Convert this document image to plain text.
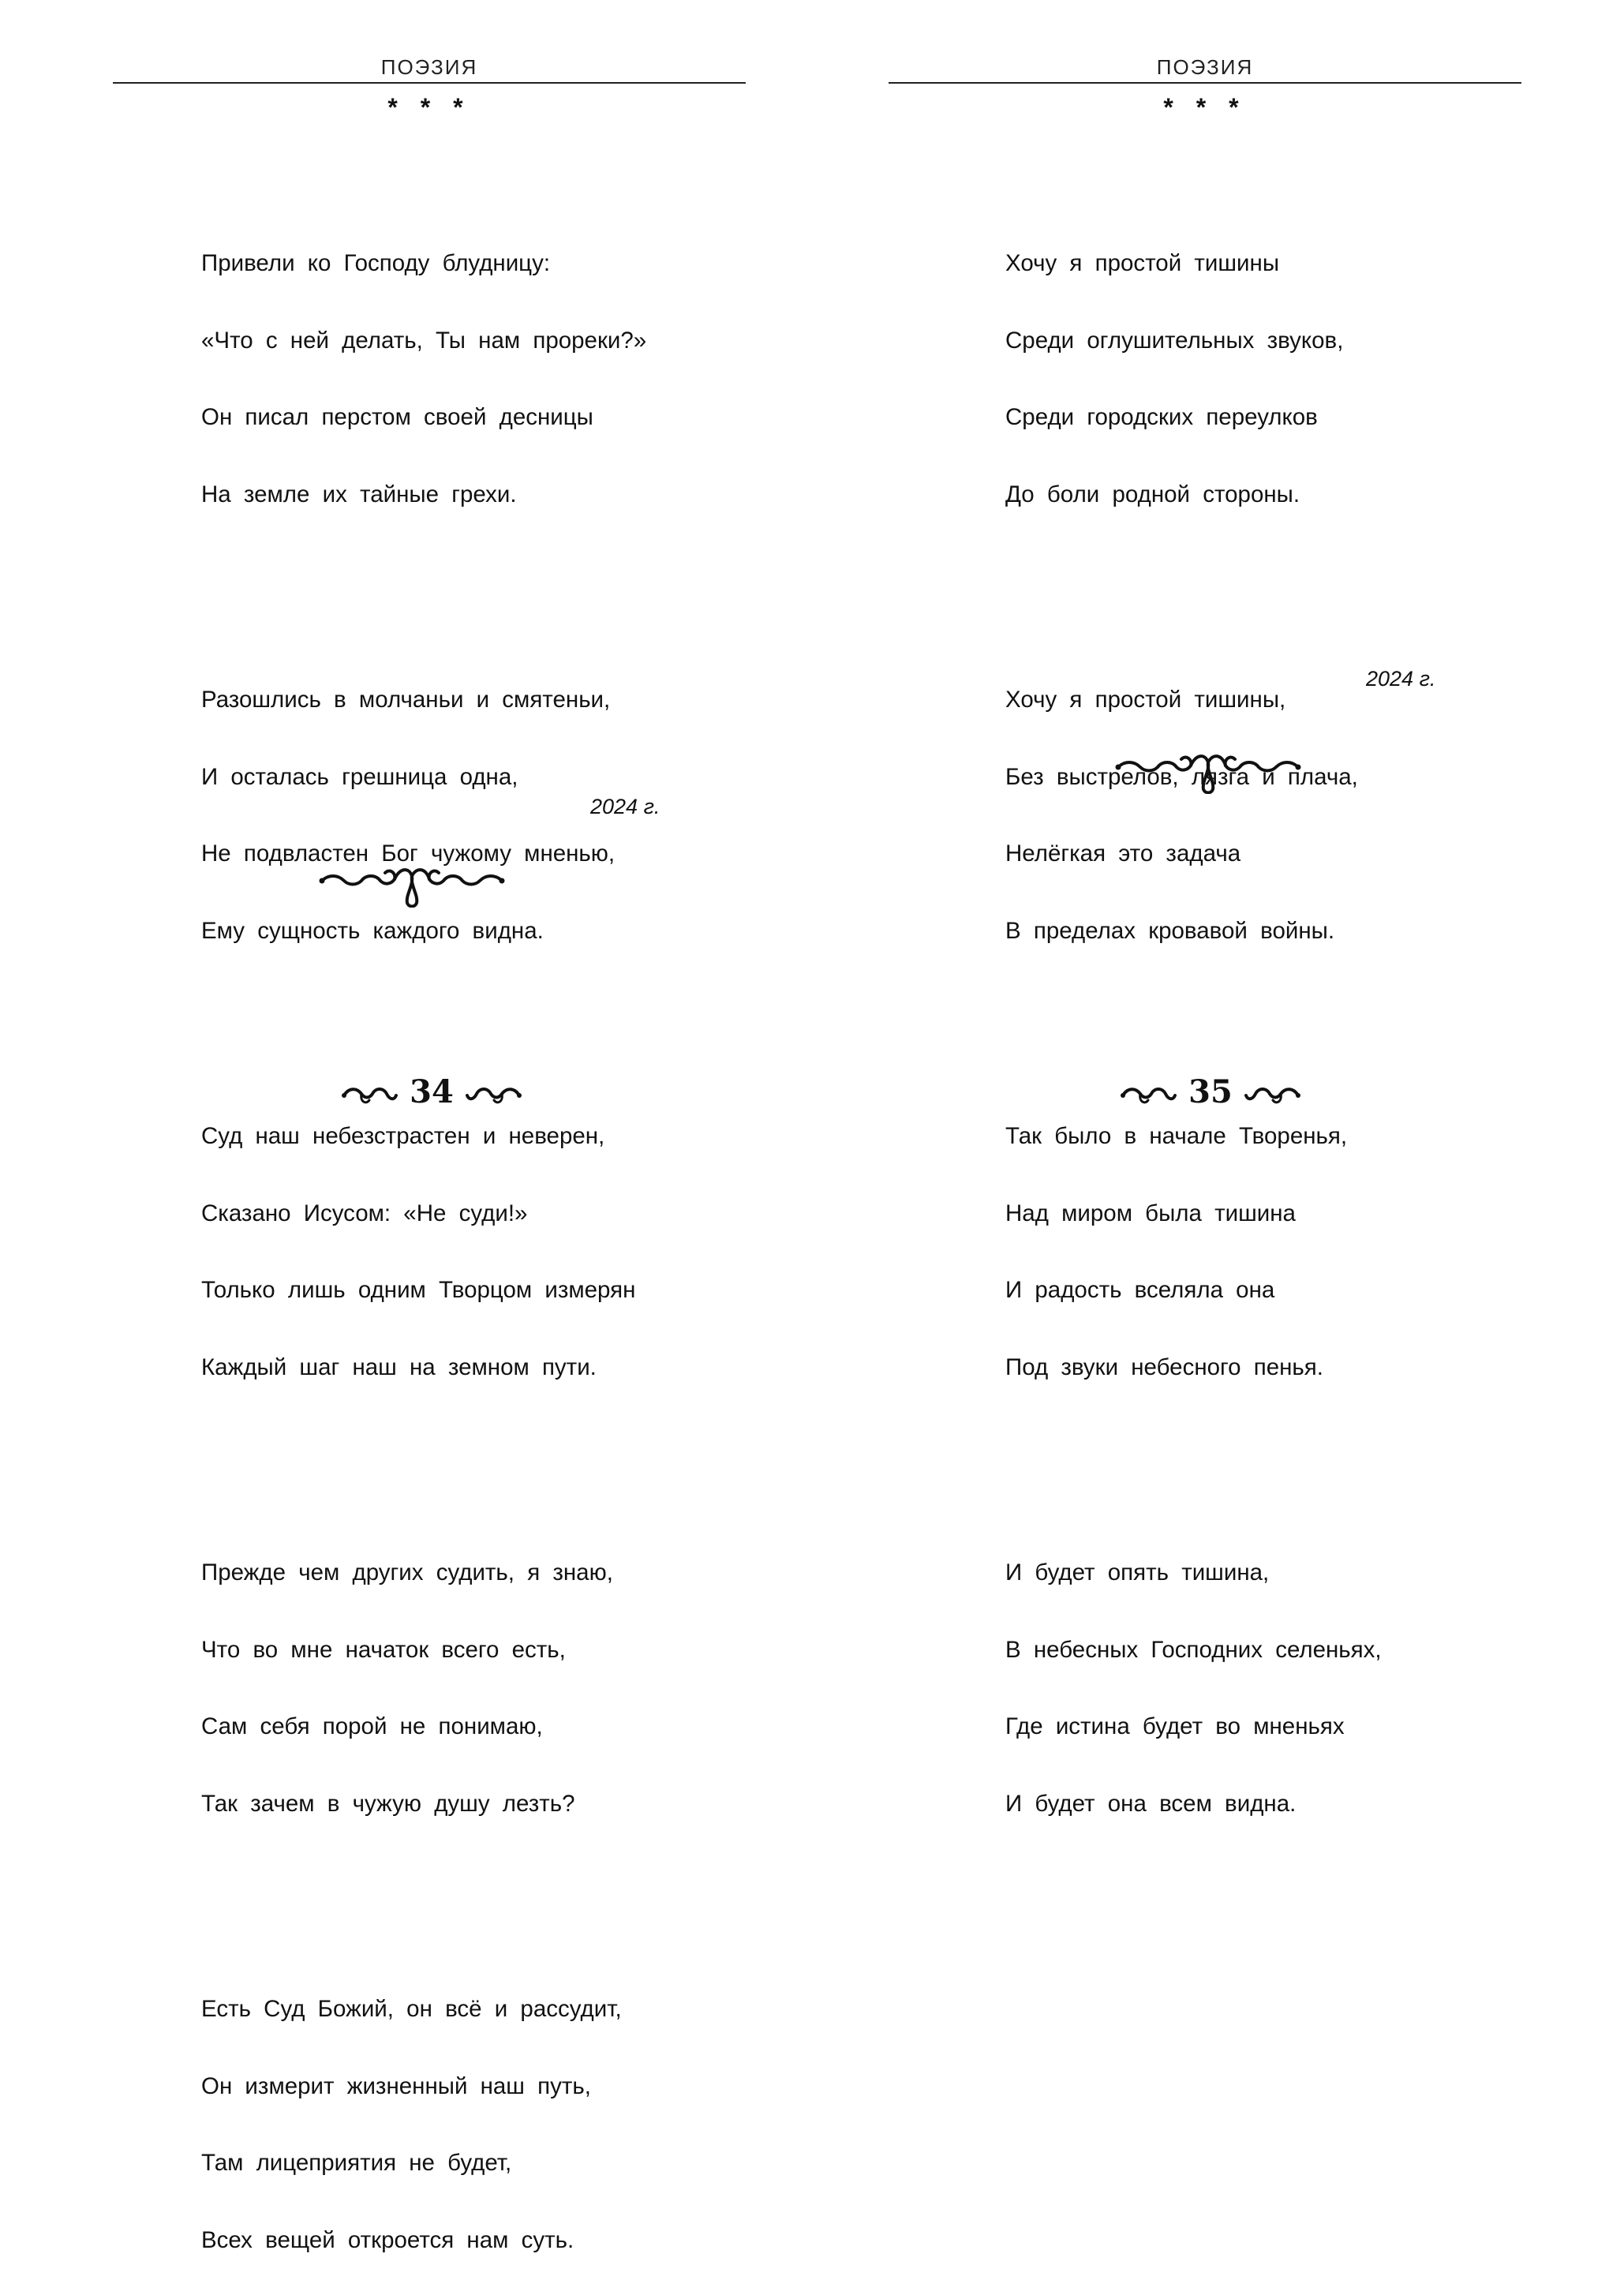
ПОЭЗИЯ
* * *

Привели ко Господу блудницу:

«Что с ней делать, Ты нам прореки?»

Он писал перстом своей десницы

На земле их тайные грехи.

Разошлись в молчаньи и смятеньи,

И осталась грешница одна,

Не подвластен Бог чужому мненью,

Ему сущность каждого видна.

Суд наш небезстрастен и неверен,

Сказано Исусом: «Не суди!»

Только лишь одним Творцом измерян

Каждый шаг наш на земном пути.

Прежде чем других судить, я знаю,

Что во мне начаток всего есть,

Сам себя порой не понимаю,

Так зачем в чужую душу лезть?

Есть Суд Божий, он всё и рассудит,

Он измерит жизненный наш путь,

Там лицеприятия не будет,

Всех вещей откроется нам суть.

2024 г.
34
ПОЭЗИЯ
* * *

Хочу я простой тишины

Среди оглушительных звуков,

Среди городских переулков

До боли родной стороны.

Хочу я простой тишины,

Без выстрелов, лязга и плача,

Нелёгкая это задача

В пределах кровавой войны.

Так было в начале Творенья,

Над миром была тишина

И радость вселяла она

Под звуки небесного пенья.

И будет опять тишина,

В небесных Господних селеньях,

Где истина будет во мненьях

И будет она всем видна.

2024 г.
35
